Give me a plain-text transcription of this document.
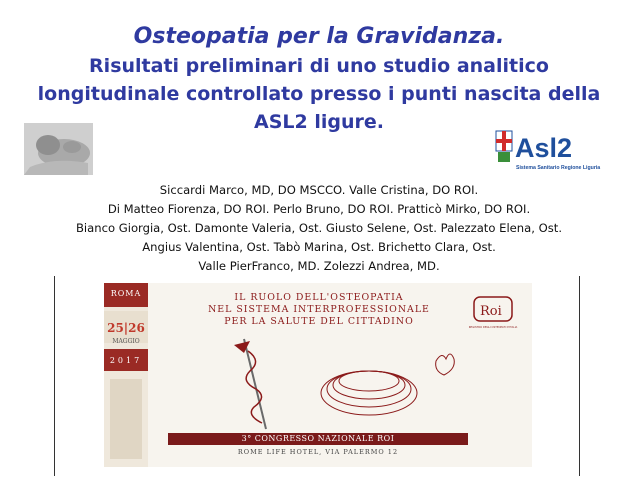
Osteopatia per la Gravidanza.
Risultati preliminari di uno studio analitico
longitudinale controllato presso i punti nascita della
ASL2 ligure.
Asl2
Sistema Sanitario Regione Liguria
Siccardi Marco, MD, DO MSCCO. Valle Cristina, DO ROI.
Di Matteo Fiorenza, DO ROI. Perlo Bruno, DO ROI. Pratticò Mirko, DO ROI.
Bianco Giorgia, Ost. Damonte Valeria, Ost. Giusto Selene, Ost. Palezzato Elena, Ost.
Angius Valentina, Ost. Tabò Marina, Ost. Brichetto Clara, Ost.
Valle PierFranco, MD. Zolezzi Andrea, MD.
ROMA
25|26
MAGGIO
2017
IL RUOLO DELL'OSTEOPATIA
NEL SISTEMA INTERPROFESSIONALE
PER LA SALUTE DEL CITTADINO
Roi
REGISTRO DEGLI OSTEOPATI D'ITALIA
3° CONGRESSO NAZIONALE ROI
ROME LIFE HOTEL, VIA PALERMO 12
